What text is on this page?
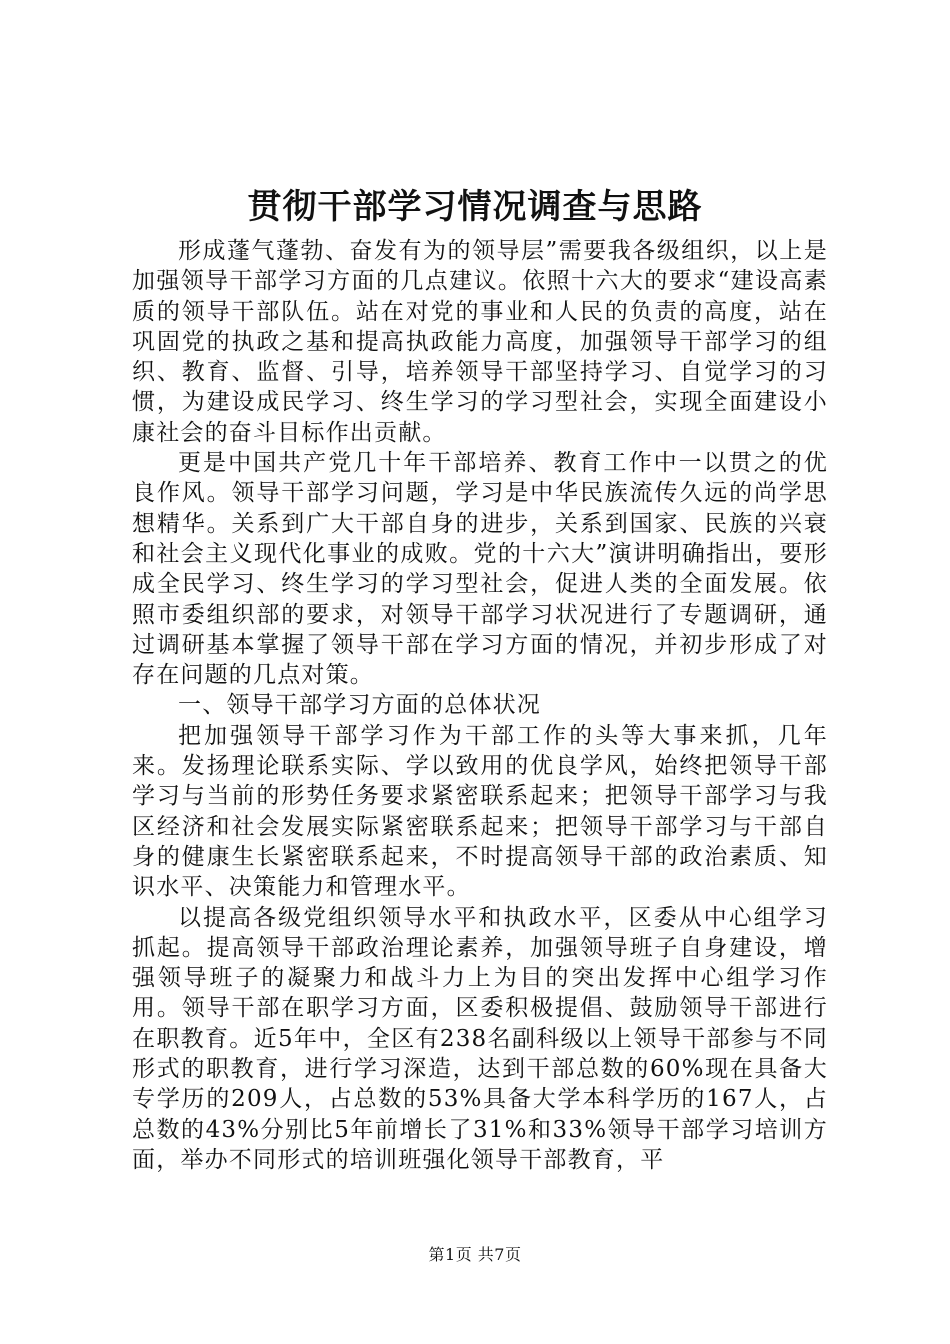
贯彻干部学习情况调查与思路

形成蓬气蓬勃、奋发有为的领导层”需要我各级组织，以上是加强领导干部学习方面的几点建议。依照十六大的要求“建设高素质的领导干部队伍。站在对党的事业和人民的负责的高度，站在巩固党的执政之基和提高执政能力高度，加强领导干部学习的组织、教育、监督、引导，培养领导干部坚持学习、自觉学习的习惯，为建设成民学习、终生学习的学习型社会，实现全面建设小康社会的奋斗目标作出贡献。

更是中国共产党几十年干部培养、教育工作中一以贯之的优良作风。领导干部学习问题，学习是中华民族流传久远的尚学思想精华。关系到广大干部自身的进步，关系到国家、民族的兴衰和社会主义现代化事业的成败。党的十六大”演讲明确指出，要形成全民学习、终生学习的学习型社会，促进人类的全面发展。依照市委组织部的要求，对领导干部学习状况进行了专题调研，通过调研基本掌握了领导干部在学习方面的情况，并初步形成了对存在问题的几点对策。

一、领导干部学习方面的总体状况

把加强领导干部学习作为干部工作的头等大事来抓，几年来。发扬理论联系实际、学以致用的优良学风，始终把领导干部学习与当前的形势任务要求紧密联系起来；把领导干部学习与我区经济和社会发展实际紧密联系起来；把领导干部学习与干部自身的健康生长紧密联系起来，不时提高领导干部的政治素质、知识水平、决策能力和管理水平。

以提高各级党组织领导水平和执政水平，区委从中心组学习抓起。提高领导干部政治理论素养，加强领导班子自身建设，增强领导班子的凝聚力和战斗力上为目的突出发挥中心组学习作用。领导干部在职学习方面，区委积极提倡、鼓励领导干部进行在职教育。近5年中，全区有238名副科级以上领导干部参与不同形式的职教育，进行学习深造，达到干部总数的60%现在具备大专学历的209人，占总数的53%具备大学本科学历的167人，占总数的43%分别比5年前增长了31%和33%领导干部学习培训方面，举办不同形式的培训班强化领导干部教育，平

第1页 共7页
